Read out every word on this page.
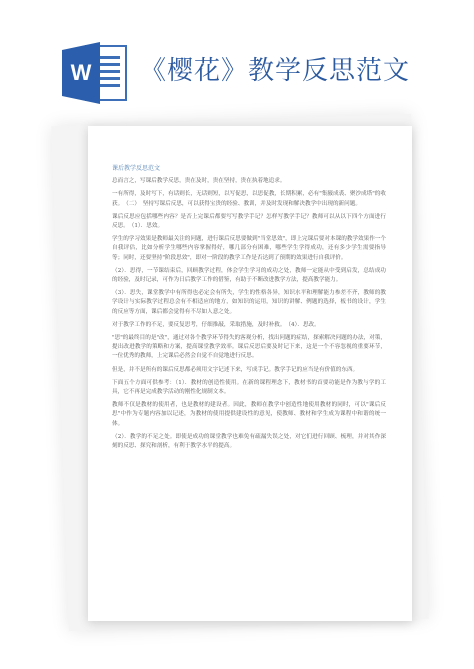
W 《樱花》教学反思范文
课后教学反思范文

总而言之，写课后教学反思，贵在及时，贵在坚持，贵在执着地追求。

一有所得，及时写下，有话则长，无话则短，以写促思，以思促教，长期积累，必有"集腋成裘、聚沙成塔"的收获。　（二）　坚持写课后反思，可以获得宝贵的经验、教训，并及时发现和解决教学中出现的新问题。

课后反思应包括哪些内容？是否上完课后都要写写教学手记？怎样写教学手记？教师可以从以下四个方面进行反思。　（1）．思效。

学生的学习效果是教师最关注的问题，进行课后反思要做到"当堂思效"，即上完课后要对本课的教学效果作一个自我评估，比如分析学生哪些内容掌握得好，哪几部分有困难，哪些学生学得成功，还有多少学生需要指导等；同时，还要坚持"阶段思效"，即对一阶段的教学工作是否达到了预期的效果进行自我评价。

（2）．思得，一节课结束后，回顾教学过程，体会学生学习的成功之处，教师一定能从中受到启发，总结成功的经验，及时记录，可作为日后教学工作的借鉴，有助于不断改进教学方法，提高教学能力。

（3）．思失，课堂教学中有所得也必定会有所失，学生的性格各异，知识水平和理解能力参差不齐，教师的教学设计与实际教学过程总会有不相适应的地方，如知识的运用，知识的讲解、例题的选择，板书的设计，学生的反应等方面，课后都会觉得有不尽如人意之处。

对于教学工作的不足，要反复思考，仔细推敲，采取措施，及时补救。　（4）．思改。

"思"的最终目的是"改"，通过对各个教学环节得失的客观分析，找出问题的症结，探索解决问题的办法，对策，提出改进教学的策略和方案，提高课堂教学效率。课后反思后要及时记下来，这是一个不容忽视的重要环节，一位优秀的教师，上完课后必然会自觉不自觉地进行反思。

但是，并不是所有的课后反思都必须用文字记述下来，写成手记。教学手记的应当是有价值的东西。

下面五个方面可供参考：（1）．教材的创造性使用。在新的课程理念下，教材书的首要功能是作为教与学的工具，它不再是完成教学活动的刚性化规制文本。

教师不仅是教材的使用者，也是教材的建设者。因此，教师在教学中创造性地使用教材的同时，可以"课后反思"中作为专题内容加以记述，为教材的使用提供建设性的意见，使教师、教材和学生成为课程中和谐的统一体。

（2）．教学的不足之处。即使是成功的课堂教学也难免有疏漏失误之处，对它们进行回顾、梳理，并对其作深刻的反思、探究和剖析，有利于教学水平的提高。
